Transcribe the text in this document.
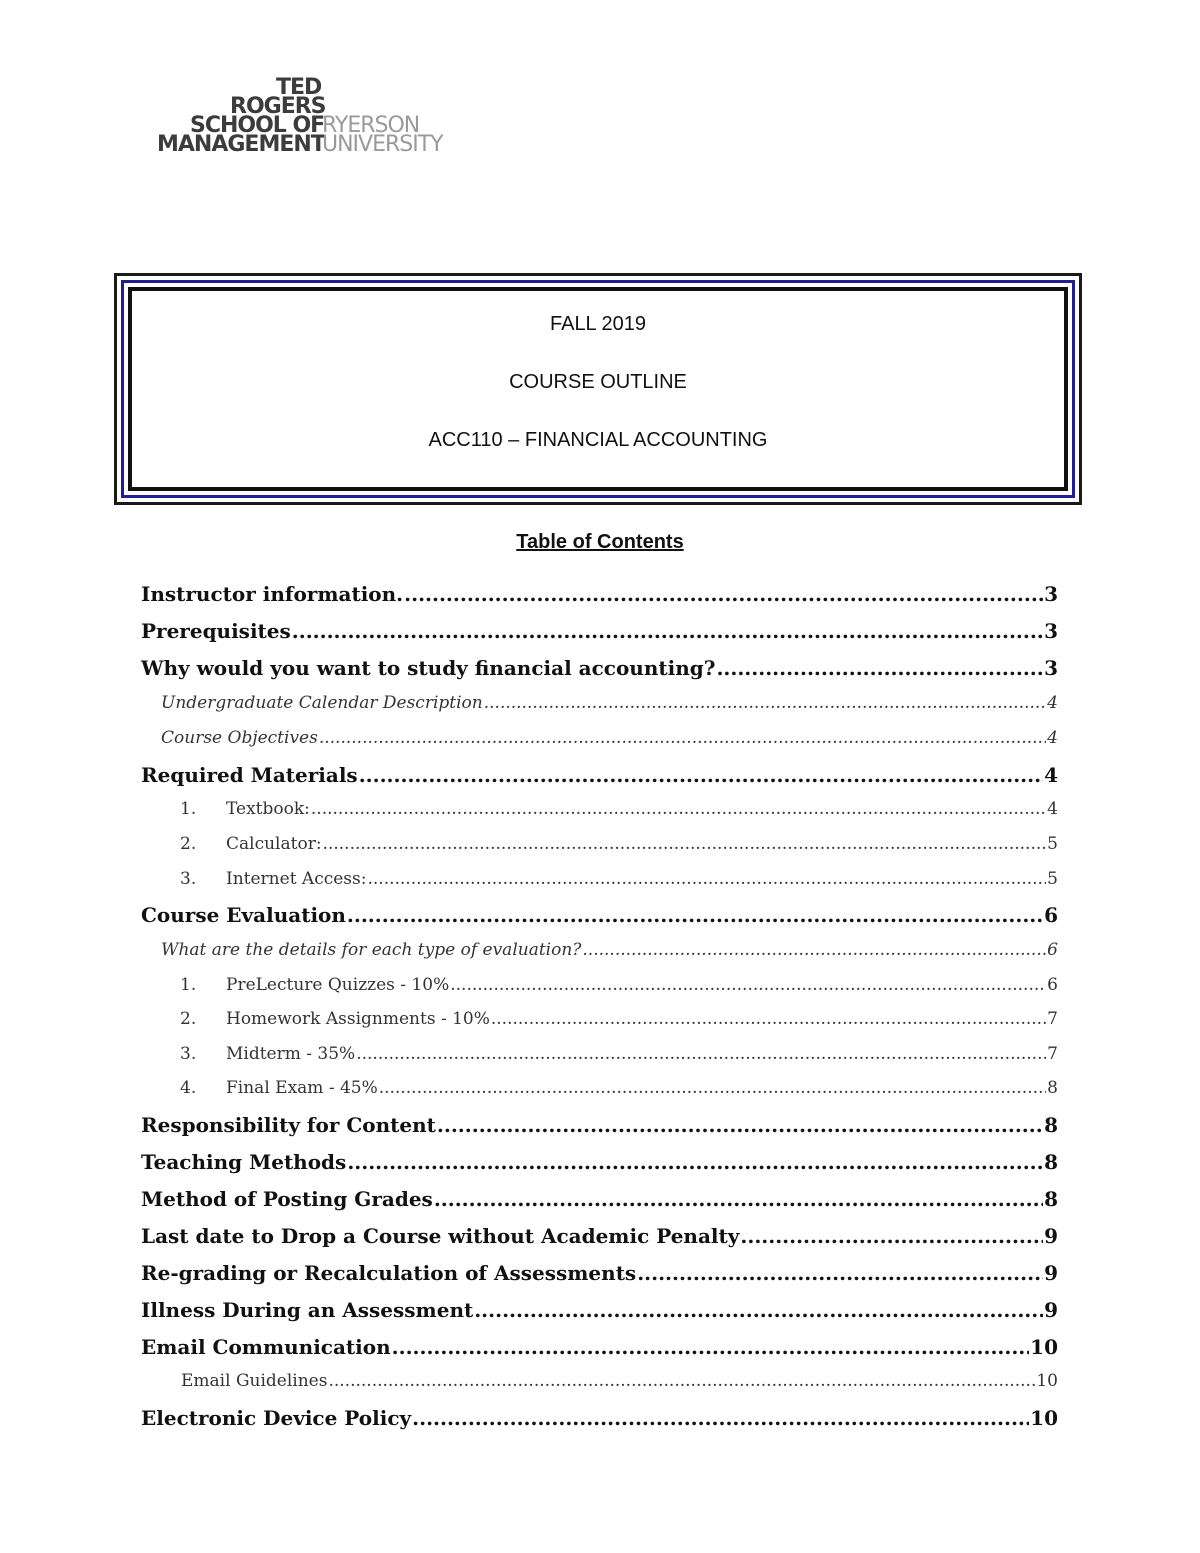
TED
ROGERS
SCHOOL OF
RYERSON
MANAGEMENT
UNIVERSITY
FALL 2019
COURSE OUTLINE
ACC110 – FINANCIAL ACCOUNTING
Table of Contents
Instructor information. .....	3
Prerequisites .....	3
Why would you want to study financial accounting? .....	3
Undergraduate Calendar Description .....	4
Course Objectives .....	4
Required Materials .....	4
1.	Textbook: .....	4
2.	Calculator: .....	5
3.	Internet Access: .....	5
Course Evaluation .....	6
What are the details for each type of evaluation? .....	6
1.	PreLecture Quizzes - 10% .....	6
2.	Homework Assignments - 10% .....	7
3.	Midterm - 35% .....	7
4.	Final Exam - 45% .....	8
Responsibility for Content .....	8
Teaching Methods .....	8
Method of Posting Grades .....	8
Last date to Drop a Course without Academic Penalty .....	9
Re-grading or Recalculation of Assessments .....	9
Illness During an Assessment .....	9
Email Communication .....	10
Email Guidelines .....	10
Electronic Device Policy .....	10
